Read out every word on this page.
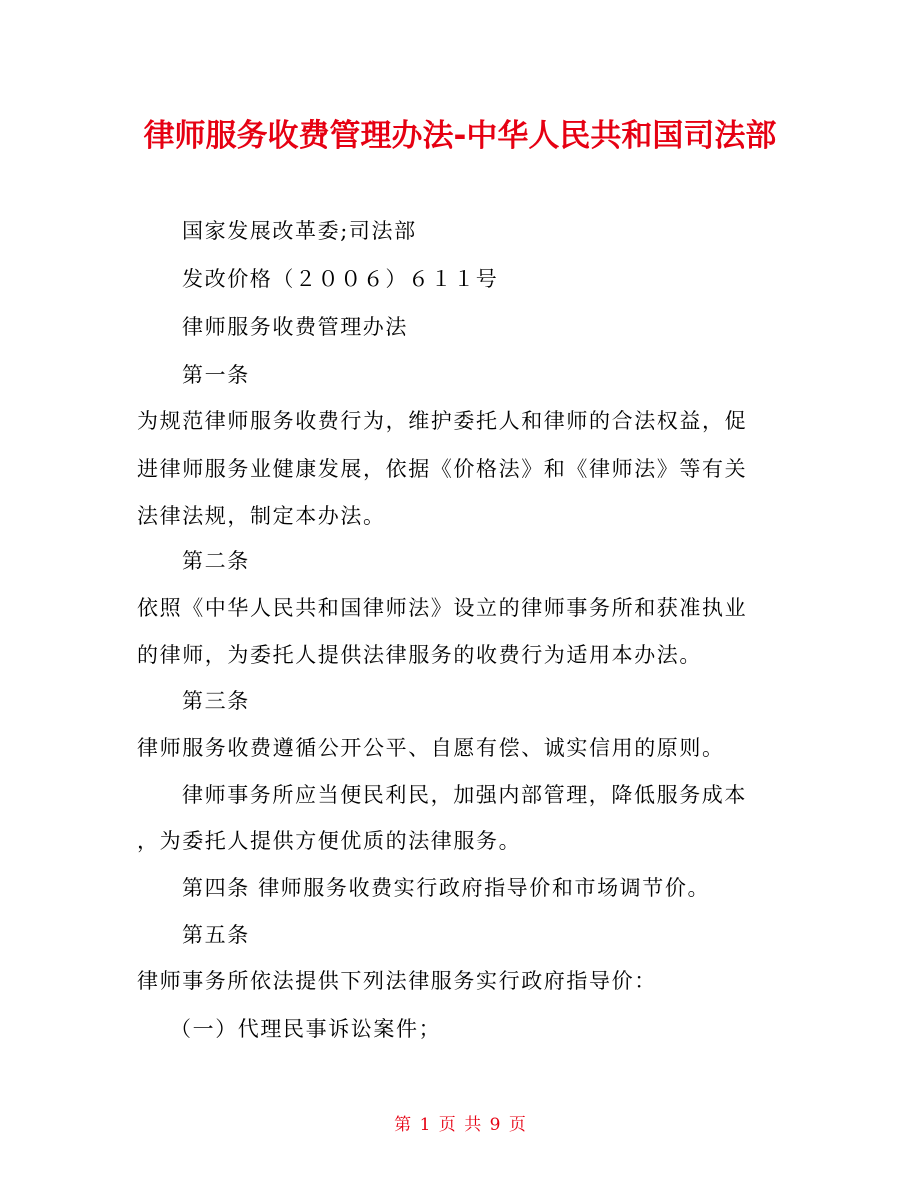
律师服务收费管理办法-中华人民共和国司法部
国家发展改革委;司法部
发改价格（２００６）６１１号
律师服务收费管理办法
第一条
为规范律师服务收费行为，维护委托人和律师的合法权益，促
进律师服务业健康发展，依据《价格法》和《律师法》等有关
法律法规，制定本办法。
第二条
依照《中华人民共和国律师法》设立的律师事务所和获准执业
的律师，为委托人提供法律服务的收费行为适用本办法。
第三条
律师服务收费遵循公开公平、自愿有偿、诚实信用的原则。
律师事务所应当便民利民，加强内部管理，降低服务成本
，为委托人提供方便优质的法律服务。
第四条 律师服务收费实行政府指导价和市场调节价。
第五条
律师事务所依法提供下列法律服务实行政府指导价：
（一）代理民事诉讼案件；
第 1 页 共 9 页
